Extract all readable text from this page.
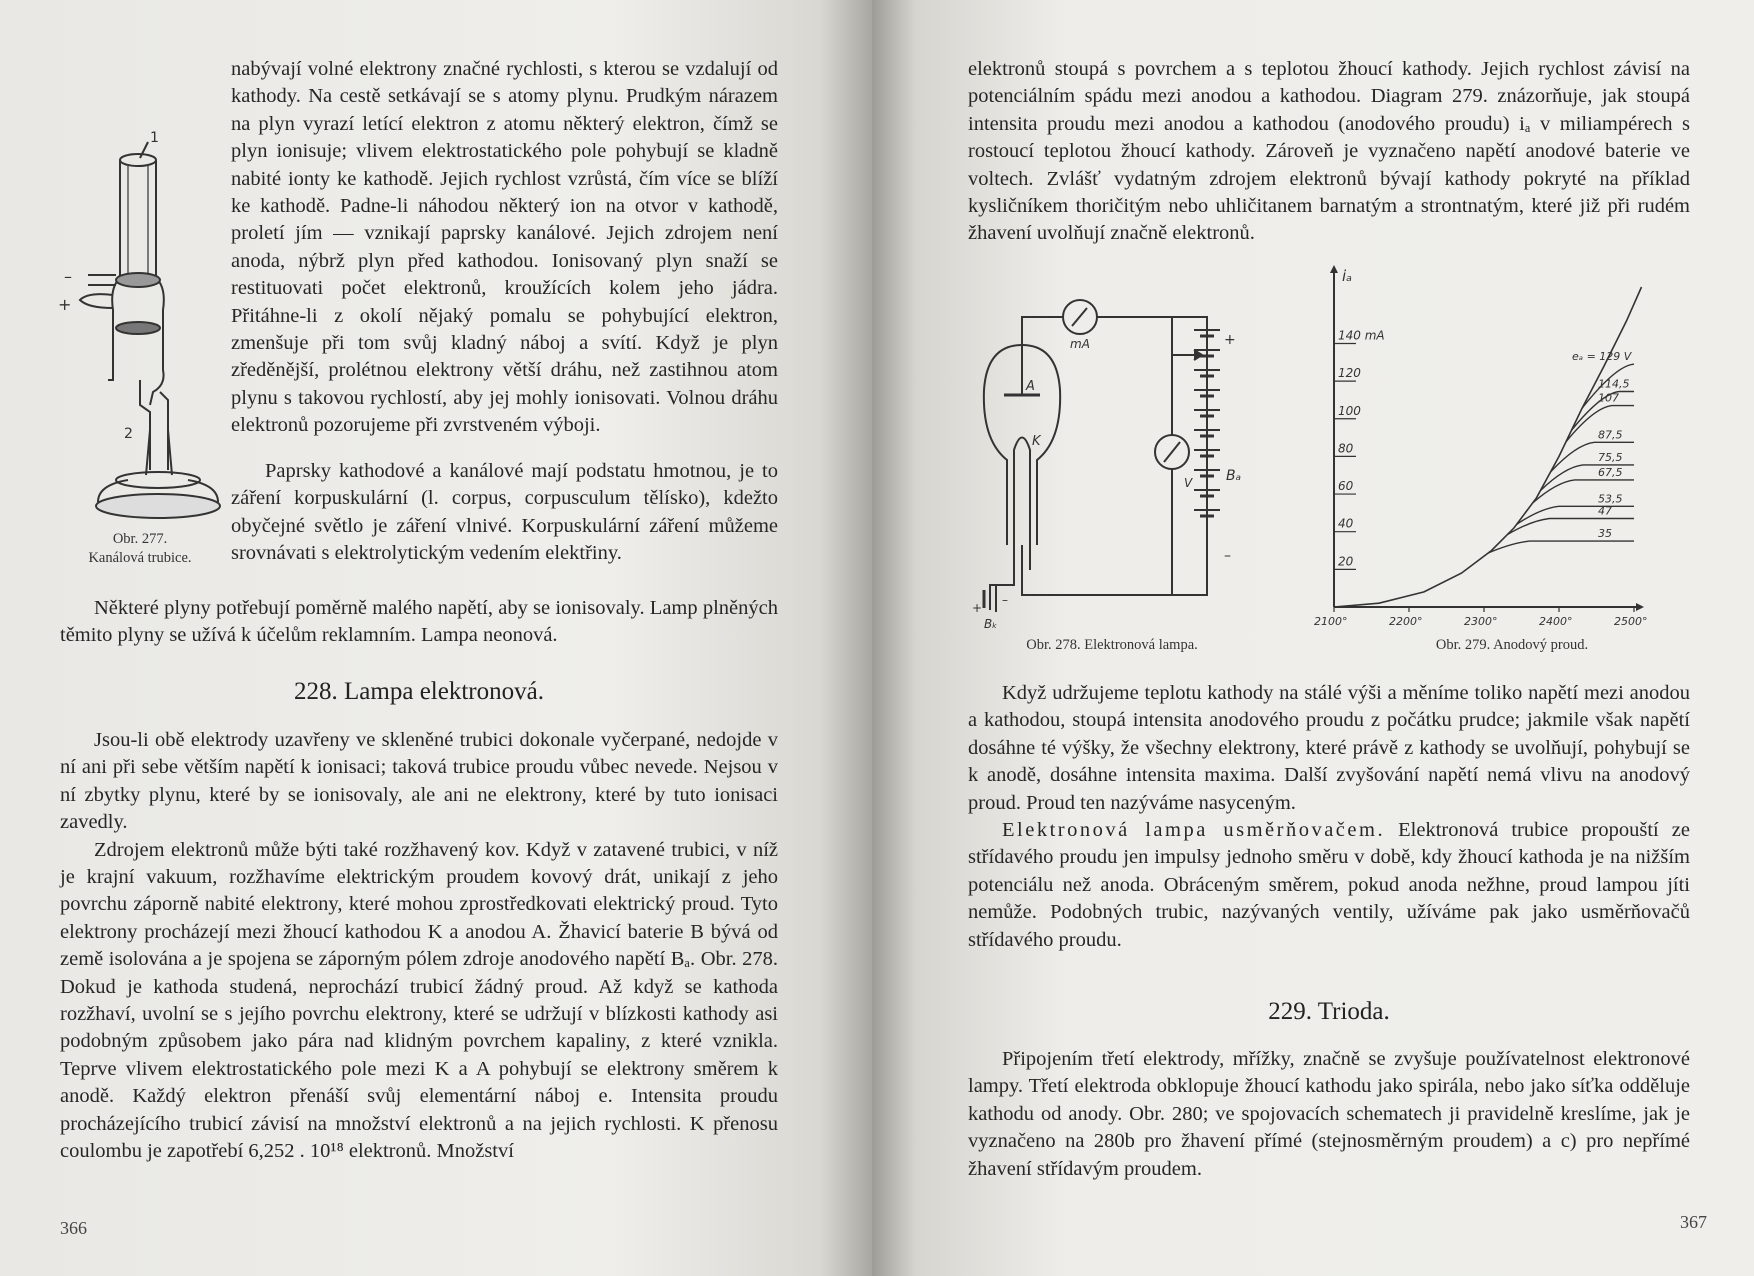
nabývají volné elektrony značné rychlosti, s kterou se vzdalují od kathody. Na cestě setkávají se s atomy plynu. Prudkým nárazem na plyn vyrazí letící elektron z atomu některý elektron, čímž se plyn ionisuje; vlivem elektrostatického pole pohybují se kladně nabité ionty ke kathodě. Jejich rychlost vzrůstá, čím více se blíží ke kathodě. Padne-li náhodou některý ion na otvor v kathodě, proletí jím — vznikají paprsky kanálové. Jejich zdrojem není anoda, nýbrž plyn před kathodou. Ionisovaný plyn snaží se restituovati počet elektronů, kroužících kolem jeho jádra. Přitáhne-li z okolí nějaký pomalu se pohybující elektron, zmenšuje při tom svůj kladný náboj a svítí. Když je plyn zředěnější, prolétnou elektrony větší dráhu, než zastihnou atom plynu s takovou rychlostí, aby jej mohly ionisovati. Volnou dráhu elektronů pozorujeme při zvrstveném výboji.

Paprsky kathodové a kanálové mají podstatu hmotnou, je to záření korpuskulární (l. corpus, corpusculum tělísko), kdežto obyčejné světlo je záření vlnivé. Korpuskulární záření můžeme srovnávati s elektrolytickým vedením elektřiny.

Některé plyny potřebují poměrně malého napětí, aby se ionisovaly. Lamp plněných těmito plyny se užívá k účelům reklamním. Lampa neonová.

1
–
+
2
Obr. 277.
Kanálová trubice.
228. Lampa elektronová.

Jsou-li obě elektrody uzavřeny ve skleněné trubici dokonale vyčerpané, nedojde v ní ani při sebe větším napětí k ionisaci; taková trubice proudu vůbec nevede. Nejsou v ní zbytky plynu, které by se ionisovaly, ale ani ne elektrony, které by tuto ionisaci zavedly.

Zdrojem elektronů může býti také rozžhavený kov. Když v zatavené trubici, v níž je krajní vakuum, rozžhavíme elektrickým proudem kovový drát, unikají z jeho povrchu záporně nabité elektrony, které mohou zprostředkovati elektrický proud. Tyto elektrony procházejí mezi žhoucí kathodou K a anodou A. Žhavicí baterie B bývá od země isolována a je spojena se záporným pólem zdroje anodového napětí Bₐ. Obr. 278. Dokud je kathoda studená, neprochází trubicí žádný proud. Až když se kathoda rozžhaví, uvolní se s jejího povrchu elektrony, které se udržují v blízkosti kathody asi podobným způsobem jako pára nad klidným povrchem kapaliny, z které vznikla. Teprve vlivem elektrostatického pole mezi K a A pohybují se elektrony směrem k anodě. Každý elektron přenáší svůj elementární náboj e. Intensita proudu procházejícího trubicí závisí na množství elektronů a na jejich rychlosti. K přenosu coulombu je zapotřebí 6,252 . 10¹⁸ elektronů. Množství

366

elektronů stoupá s povrchem a s teplotou žhoucí kathody. Jejich rychlost závisí na potenciálním spádu mezi anodou a kathodou. Diagram 279. znázorňuje, jak stoupá intensita proudu mezi anodou a kathodou (anodového proudu) iₐ v miliampérech s rostoucí teplotou žhoucí kathody. Zároveň je vyznačeno napětí anodové baterie ve voltech. Zvlášť vydatným zdrojem elektronů bývají kathody pokryté na příklad kysličníkem thoričitým nebo uhličitanem barnatým a strontnatým, které již při rudém žhavení uvolňují značně elektronů.

A
K
mA
V Bₐ
+
–
Bₖ
+
–
iₐ
20
40
60
80
100
120
140 mA
2100°	2200°	2300°	2400°	2500°
eₐ = 129 V
114,5
107
87,5
75,5
67,5
53,5
47
35
Obr. 278. Elektronová lampa.	Obr. 279. Anodový proud.

Když udržujeme teplotu kathody na stálé výši a měníme toliko napětí mezi anodou a kathodou, stoupá intensita anodového proudu z počátku prudce; jakmile však napětí dosáhne té výšky, že všechny elektrony, které právě z kathody se uvolňují, pohybují se k anodě, dosáhne intensita maxima. Další zvyšování napětí nemá vlivu na anodový proud. Proud ten nazýváme nasyceným.

Elektronová lampa usměrňovačem. Elektronová trubice propouští ze střídavého proudu jen impulsy jednoho směru v době, kdy žhoucí kathoda je na nižším potenciálu než anoda. Obráceným směrem, pokud anoda nežhne, proud lampou jíti nemůže. Podobných trubic, nazývaných ventily, užíváme pak jako usměrňovačů střídavého proudu.

229. Trioda.

Připojením třetí elektrody, mřížky, značně se zvyšuje používatelnost elektronové lampy. Třetí elektroda obklopuje žhoucí kathodu jako spirála, nebo jako síťka odděluje kathodu od anody. Obr. 280; ve spojovacích schematech ji pravidelně kreslíme, jak je vyznačeno na 280b pro žhavení přímé (stejnosměrným proudem) a c) pro nepřímé žhavení střídavým proudem.

367
